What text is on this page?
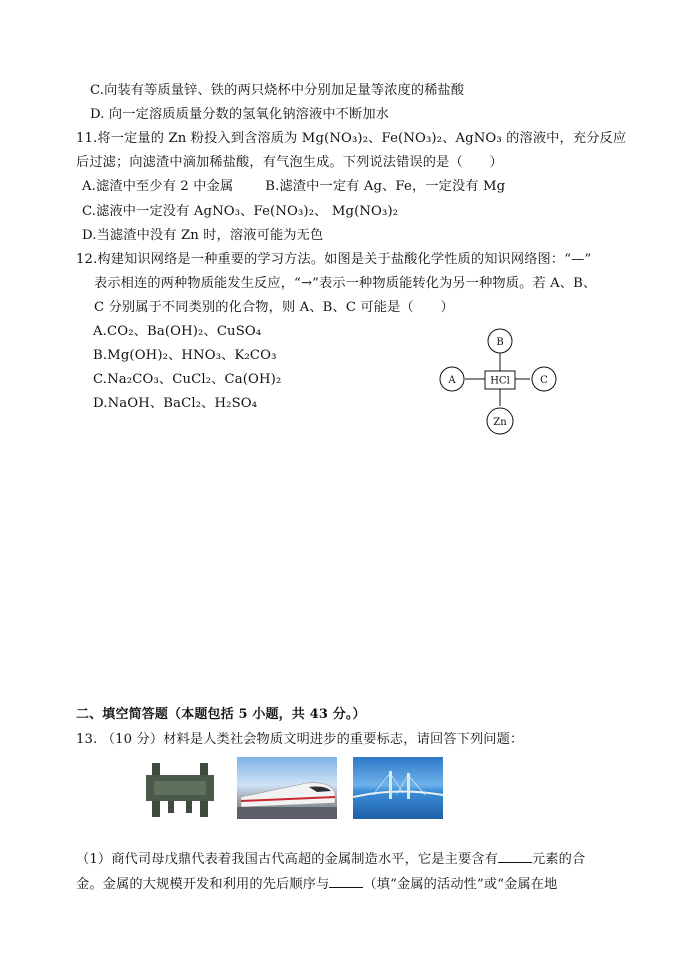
C.向装有等质量锌、铁的两只烧杯中分别加足量等浓度的稀盐酸
D. 向一定溶质质量分数的氢氧化钠溶液中不断加水
11.将一定量的 Zn 粉投入到含溶质为 Mg(NO₃)₂、Fe(NO₃)₂、AgNO₃ 的溶液中，充分反应
后过滤；向滤渣中滴加稀盐酸，有气泡生成。下列说法错误的是（　　）
A.滤渣中至少有 2 中金属 B.滤渣中一定有 Ag、Fe，一定没有 Mg
C.滤液中一定没有 AgNO₃、Fe(NO₃)₂、 Mg(NO₃)₂
D.当滤渣中没有 Zn 时，溶液可能为无色
12.构建知识网络是一种重要的学习方法。如图是关于盐酸化学性质的知识网络图：“—”
表示相连的两种物质能发生反应，“→”表示一种物质能转化为另一种物质。若 A、B、
C 分别属于不同类别的化合物，则 A、B、C 可能是（　　）
A.CO₂、Ba(OH)₂、CuSO₄
B.Mg(OH)₂、HNO₃、K₂CO₃
C.Na₂CO₃、CuCl₂、Ca(OH)₂
D.NaOH、BaCl₂、H₂SO₄
B
A	C
HCl
Zn
二、填空简答题（本题包括 5 小题，共 43 分。）
13. （10 分）材料是人类社会物质文明进步的重要标志，请回答下列问题：
（1）商代司母戊鼎代表着我国古代高超的金属制造水平，它是主要含有	元素的合
金。金属的大规模开发和利用的先后顺序与	（填“金属的活动性”或“金属在地
